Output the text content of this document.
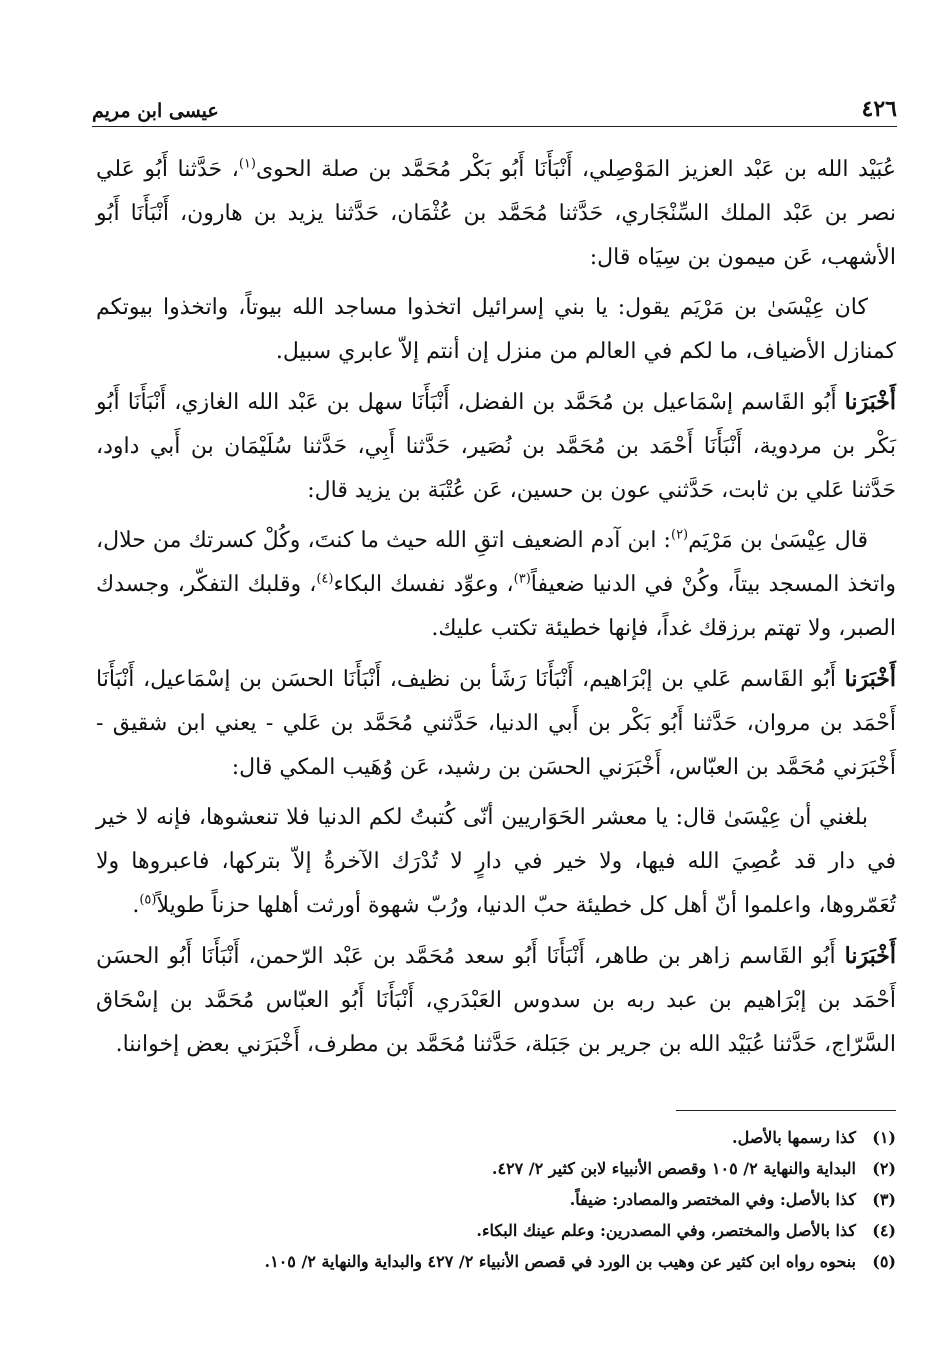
٤٢٦
عيسى ابن مريم

عُبَيْد الله بن عَبْد العزيز المَوْصِلي، أَنْبَأَنَا أَبُو بَكْر مُحَمَّد بن صلة الحوى$^{(١)}$، حَدَّثنا أَبُو عَلي نصر بن عَبْد الملك السِّنْجَاري، حَدَّثنا مُحَمَّد بن عُثْمَان، حَدَّثنا يزيد بن هارون، أَنْبَأَنَا أَبُو الأشهب، عَن ميمون بن سِيَاه قال:

كان عِيْسَىٰ بن مَرْيَم يقول: يا بني إسرائيل اتخذوا مساجد الله بيوتاً، واتخذوا بيوتكم كمنازل الأضياف، ما لكم في العالم من منزل إن أنتم إلاّ عابري سبيل.

أَخْبَرَنا أَبُو القَاسم إسْمَاعيل بن مُحَمَّد بن الفضل، أَنْبَأَنَا سهل بن عَبْد الله الغازي، أَنْبَأَنَا أَبُو بَكْر بن مردوية، أَنْبَأَنَا أَحْمَد بن مُحَمَّد بن نُصَير، حَدَّثنا أَبِي، حَدَّثنا سُلَيْمَان بن أَبي داود، حَدَّثنا عَلي بن ثابت، حَدَّثني عون بن حسين، عَن عُتْبَة بن يزيد قال:

قال عِيْسَىٰ بن مَرْيَم$^{(٢)}$: ابن آدم الضعيف اتقِ الله حيث ما كنتَ، وكُلْ كسرتك من حلال، واتخذ المسجد بيتاً، وكُنْ في الدنيا ضعيفاً$^{(٣)}$، وعوِّد نفسك البكاء$^{(٤)}$، وقلبك التفكّر، وجسدك الصبر، ولا تهتم برزقك غداً، فإنها خطيئة تكتب عليك.

أَخْبَرَنا أَبُو القَاسم عَلي بن إبْرَاهيم، أَنْبَأَنَا رَشَأ بن نظيف، أَنْبَأَنَا الحسَن بن إسْمَاعيل، أَنْبَأَنَا أَحْمَد بن مروان، حَدَّثنا أَبُو بَكْر بن أَبي الدنيا، حَدَّثني مُحَمَّد بن عَلي - يعني ابن شقيق - أَخْبَرَني مُحَمَّد بن العبّاس، أَخْبَرَني الحسَن بن رشيد، عَن وُهَيب المكي قال:

بلغني أن عِيْسَىٰ قال: يا معشر الحَوَاريين أنّى كُتبتُ لكم الدنيا فلا تنعشوها، فإنه لا خير في دار قد عُصِيَ الله فيها، ولا خير في دارٍ لا تُدْرَك الآخرةُ إلاّ بتركها، فاعبروها ولا تُعَمّروها، واعلموا أنّ أهل كل خطيئة حبّ الدنيا، ورُبّ شهوة أورثت أهلها حزناً طويلاً$^{(٥)}$.

أَخْبَرَنا أَبُو القَاسم زاهر بن طاهر، أَنْبَأَنَا أَبُو سعد مُحَمَّد بن عَبْد الرّحمن، أَنْبَأَنَا أَبُو الحسَن أَحْمَد بن إبْرَاهيم بن عبد ربه بن سدوس العَبْدَري، أَنْبَأَنَا أَبُو العبّاس مُحَمَّد بن إسْحَاق السَّرّاج، حَدَّثنا عُبَيْد الله بن جرير بن جَبَلة، حَدَّثنا مُحَمَّد بن مطرف، أَخْبَرَني بعض إخواننا.

(١)كذا رسمها بالأصل.

(٢)البداية والنهاية ٢/ ١٠٥ وقصص الأنبياء لابن كثير ٢/ ٤٢٧.

(٣)كذا بالأصل: وفي المختصر والمصادر: ضيفاً.

(٤)كذا بالأصل والمختصر، وفي المصدرين: وعلم عينك البكاء.

(٥)بنحوه رواه ابن كثير عن وهيب بن الورد في قصص الأنبياء ٢/ ٤٢٧ والبداية والنهاية ٢/ ١٠٥.
